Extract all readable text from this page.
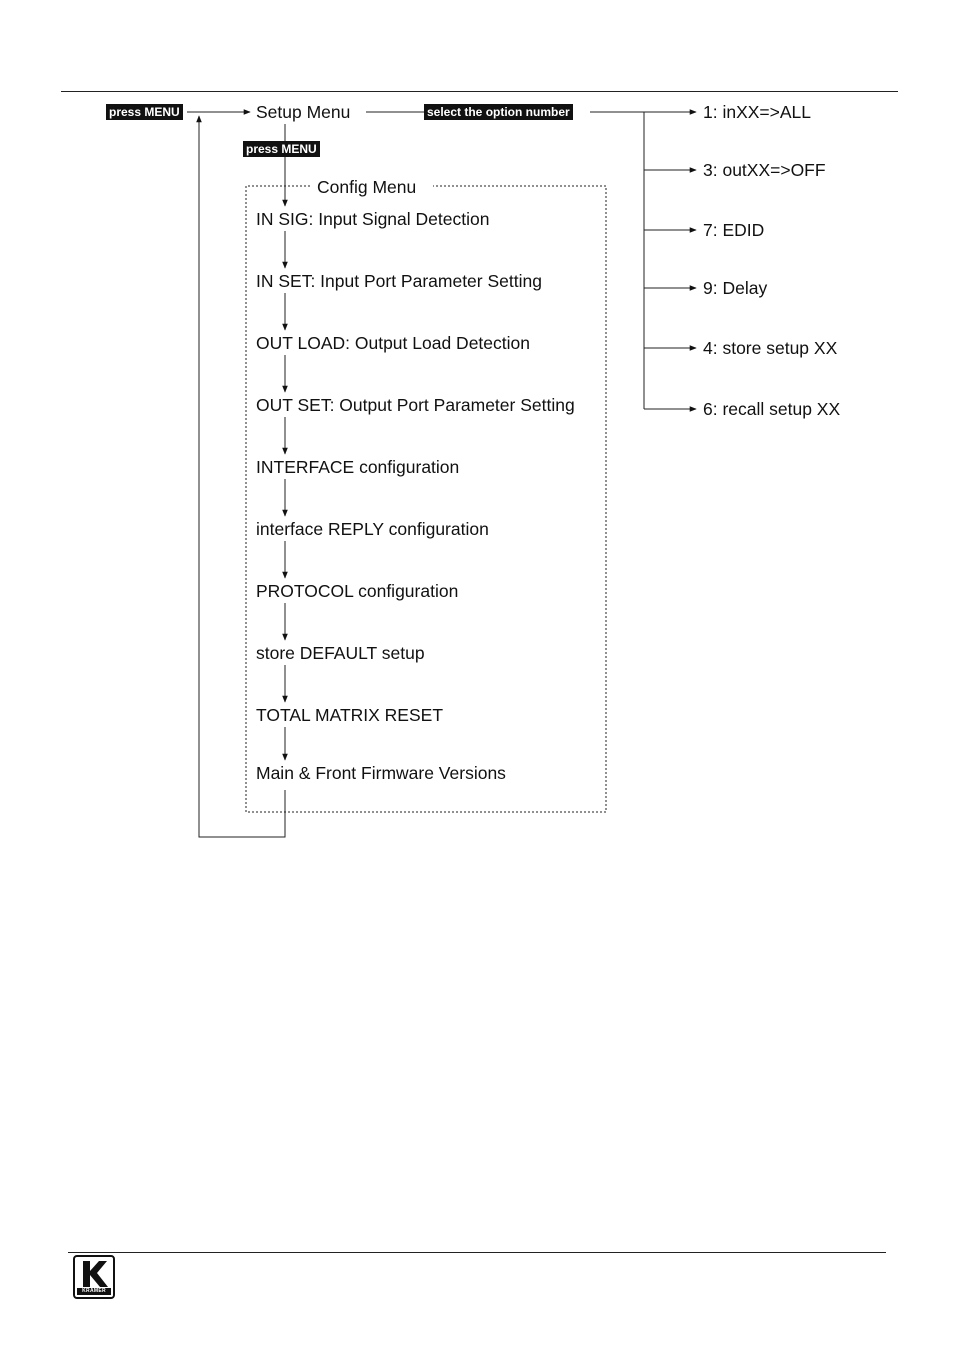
press MENU	Setup Menu	select the option number
press MENU
Config Menu
1: inXX=>ALL
3: outXX=>OFF
7: EDID
9: Delay
4: store setup XX
6: recall setup XX
IN SIG: Input Signal Detection
IN SET: Input Port Parameter Setting
OUT LOAD: Output Load Detection
OUT SET: Output Port Parameter Setting
INTERFACE configuration
interface REPLY configuration
PROTOCOL configuration
store DEFAULT setup
TOTAL MATRIX RESET
Main & Front Firmware Versions
KRAMER
